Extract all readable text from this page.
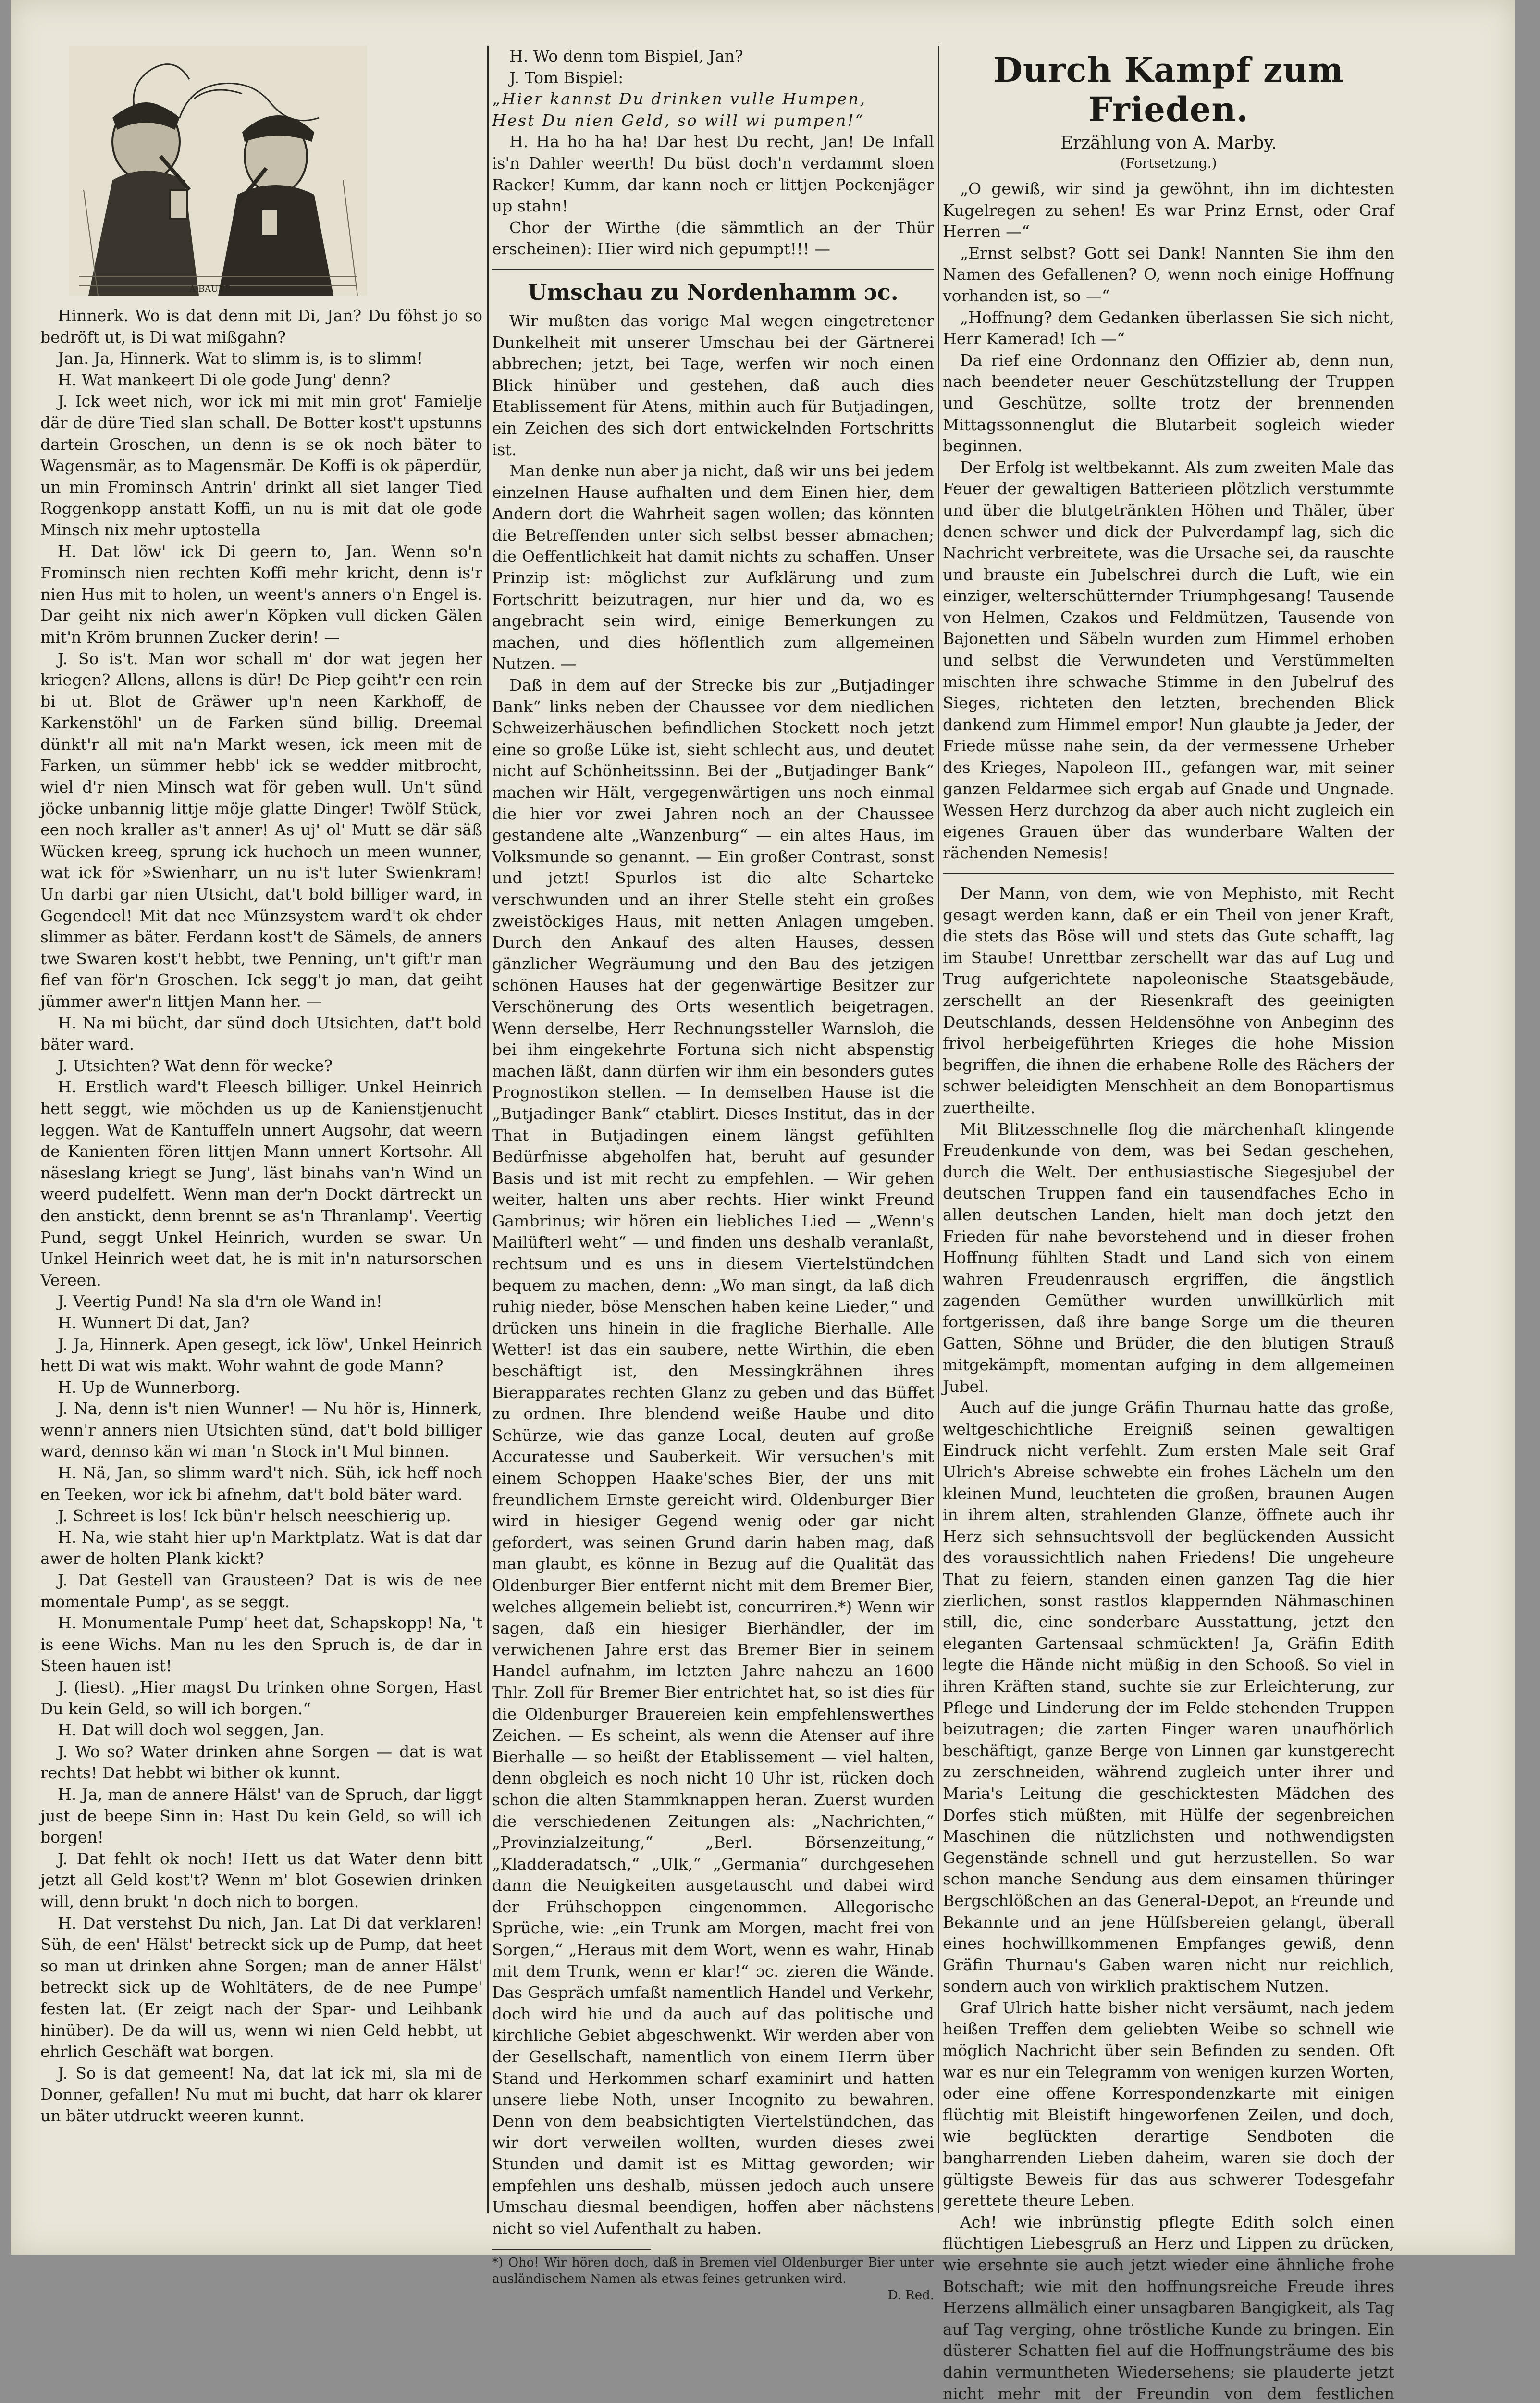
A.BAUER

Hinnerk. Wo is dat denn mit Di, Jan? Du föhst jo so bedröft ut, is Di wat mißgahn?

Jan. Ja, Hinnerk. Wat to slimm is, is to slimm!

H. Wat mankeert Di ole gode Jung' denn?

J. Ick weet nich, wor ick mi mit min grot' Famielje där de düre Tied slan schall. De Botter kost't upstunns dartein Groschen, un denn is se ok noch bäter to Wagensmär, as to Magensmär. De Koffi is ok päperdür, un min Frominsch Antrin' drinkt all siet langer Tied Roggenkopp anstatt Koffi, un nu is mit dat ole gode Minsch nix mehr uptostella

H. Dat löw' ick Di geern to, Jan. Wenn so'n Frominsch nien rechten Koffi mehr kricht, denn is'r nien Hus mit to holen, un weent's anners o'n Engel is. Dar geiht nix nich awer'n Köpken vull dicken Gälen mit'n Kröm brunnen Zucker derin! —

J. So is't. Man wor schall m' dor wat jegen her kriegen? Allens, allens is dür! De Piep geiht'r een rein bi ut. Blot de Gräwer up'n neen Karkhoff, de Karkenstöhl' un de Farken sünd billig. Dreemal dünkt'r all mit na'n Markt wesen, ick meen mit de Farken, un sümmer hebb' ick se wedder mitbrocht, wiel d'r nien Minsch wat för geben wull. Un't sünd jöcke unbannig littje möje glatte Dinger! Twölf Stück, een noch kraller as't anner! As uj' ol' Mutt se där säß Wücken kreeg, sprung ick huchoch un meen wunner, wat ick för »Swienharr, un nu is't luter Swienkram! Un darbi gar nien Utsicht, dat't bold billiger ward, in Gegendeel! Mit dat nee Münzsystem ward't ok ehder slimmer as bäter. Ferdann kost't de Sämels, de anners twe Swaren kost't hebbt, twe Penning, un't gift'r man fief van för'n Groschen. Ick segg't jo man, dat geiht jümmer awer'n littjen Mann her. —

H. Na mi bücht, dar sünd doch Utsichten, dat't bold bäter ward.

J. Utsichten? Wat denn för wecke?

H. Erstlich ward't Fleesch billiger. Unkel Heinrich hett seggt, wie möchden us up de Kanienstjenucht leggen. Wat de Kantuffeln unnert Augsohr, dat weern de Kanienten fören littjen Mann unnert Kortsohr. All näseslang kriegt se Jung', läst binahs van'n Wind un weerd pudelfett. Wenn man der'n Dockt därtreckt un den anstickt, denn brennt se as'n Thranlamp'. Veertig Pund, seggt Unkel Heinrich, wurden se swar. Un Unkel Heinrich weet dat, he is mit in'n natursorschen Vereen.

J. Veertig Pund! Na sla d'rn ole Wand in!

H. Wunnert Di dat, Jan?

J. Ja, Hinnerk. Apen gesegt, ick löw', Unkel Heinrich hett Di wat wis makt. Wohr wahnt de gode Mann?

H. Up de Wunnerborg.

J. Na, denn is't nien Wunner! — Nu hör is, Hinnerk, wenn'r anners nien Utsichten sünd, dat't bold billiger ward, dennso kän wi man 'n Stock in't Mul binnen.

H. Nä, Jan, so slimm ward't nich. Süh, ick heff noch en Teeken, wor ick bi afnehm, dat't bold bäter ward.

J. Schreet is los! Ick bün'r helsch neeschierig up.

H. Na, wie staht hier up'n Marktplatz. Wat is dat dar awer de holten Plank kickt?

J. Dat Gestell van Grausteen? Dat is wis de nee momentale Pump', as se seggt.

H. Monumentale Pump' heet dat, Schapskopp! Na, 't is eene Wichs. Man nu les den Spruch is, de dar in Steen hauen ist!

J. (liest). „Hier magst Du trinken ohne Sorgen, Hast Du kein Geld, so will ich borgen.“

H. Dat will doch wol seggen, Jan.

J. Wo so? Water drinken ahne Sorgen — dat is wat rechts! Dat hebbt wi bither ok kunnt.

H. Ja, man de annere Hälst' van de Spruch, dar liggt just de beepe Sinn in: Hast Du kein Geld, so will ich borgen!

J. Dat fehlt ok noch! Hett us dat Water denn bitt jetzt all Geld kost't? Wenn m' blot Gosewien drinken will, denn brukt 'n doch nich to borgen.

H. Dat verstehst Du nich, Jan. Lat Di dat verklaren! Süh, de een' Hälst' betreckt sick up de Pump, dat heet so man ut drinken ahne Sorgen; man de anner Hälst' betreckt sick up de Wohltäters, de de nee Pumpe' festen lat. (Er zeigt nach der Spar- und Leihbank hinüber). De da will us, wenn wi nien Geld hebbt, ut ehrlich Geschäft wat borgen.

J. So is dat gemeent! Na, dat lat ick mi, sla mi de Donner, gefallen! Nu mut mi bucht, dat harr ok klarer un bäter utdruckt weeren kunnt.

H. Wo denn tom Bispiel, Jan?

J. Tom Bispiel:

„Hier kannst Du drinken vulle Humpen,

Hest Du nien Geld, so will wi pumpen!“

H. Ha ho ha ha! Dar hest Du recht, Jan! De Infall is'n Dahler weerth! Du büst doch'n verdammt sloen Racker! Kumm, dar kann noch er littjen Pockenjäger up stahn!

Chor der Wirthe (die sämmtlich an der Thür erscheinen): Hier wird nich gepumpt!!! —

Umschau zu Nordenhamm ɔc.

Wir mußten das vorige Mal wegen eingetretener Dunkelheit mit unserer Umschau bei der Gärtnerei abbrechen; jetzt, bei Tage, werfen wir noch einen Blick hinüber und gestehen, daß auch dies Etablissement für Atens, mithin auch für Butjadingen, ein Zeichen des sich dort entwickelnden Fortschritts ist.

Man denke nun aber ja nicht, daß wir uns bei jedem einzelnen Hause aufhalten und dem Einen hier, dem Andern dort die Wahrheit sagen wollen; das könnten die Betreffenden unter sich selbst besser abmachen; die Oeffentlichkeit hat damit nichts zu schaffen. Unser Prinzip ist: möglichst zur Aufklärung und zum Fortschritt beizutragen, nur hier und da, wo es angebracht sein wird, einige Bemerkungen zu machen, und dies höflentlich zum allgemeinen Nutzen. —

Daß in dem auf der Strecke bis zur „Butjadinger Bank“ links neben der Chaussee vor dem niedlichen Schweizerhäuschen befindlichen Stockett noch jetzt eine so große Lüke ist, sieht schlecht aus, und deutet nicht auf Schönheitssinn. Bei der „Butjadinger Bank“ machen wir Hält, vergegenwärtigen uns noch einmal die hier vor zwei Jahren noch an der Chaussee gestandene alte „Wanzenburg“ — ein altes Haus, im Volksmunde so genannt. — Ein großer Contrast, sonst und jetzt! Spurlos ist die alte Scharteke verschwunden und an ihrer Stelle steht ein großes zweistöckiges Haus, mit netten Anlagen umgeben. Durch den Ankauf des alten Hauses, dessen gänzlicher Wegräumung und den Bau des jetzigen schönen Hauses hat der gegenwärtige Besitzer zur Verschönerung des Orts wesentlich beigetragen. Wenn derselbe, Herr Rechnungssteller Warnsloh, die bei ihm eingekehrte Fortuna sich nicht abspenstig machen läßt, dann dürfen wir ihm ein besonders gutes Prognostikon stellen. — In demselben Hause ist die „Butjadinger Bank“ etablirt. Dieses Institut, das in der That in Butjadingen einem längst gefühlten Bedürfnisse abgeholfen hat, beruht auf gesunder Basis und ist mit recht zu empfehlen. — Wir gehen weiter, halten uns aber rechts. Hier winkt Freund Gambrinus; wir hören ein liebliches Lied — „Wenn's Mailüfterl weht“ — und finden uns deshalb veranlaßt, rechtsum und es uns in diesem Viertelstündchen bequem zu machen, denn: „Wo man singt, da laß dich ruhig nieder, böse Menschen haben keine Lieder,“ und drücken uns hinein in die fragliche Bierhalle. Alle Wetter! ist das ein saubere, nette Wirthin, die eben beschäftigt ist, den Messingkrähnen ihres Bierapparates rechten Glanz zu geben und das Büffet zu ordnen. Ihre blendend weiße Haube und dito Schürze, wie das ganze Local, deuten auf große Accuratesse und Sauberkeit. Wir versuchen's mit einem Schoppen Haake'sches Bier, der uns mit freundlichem Ernste gereicht wird. Oldenburger Bier wird in hiesiger Gegend wenig oder gar nicht gefordert, was seinen Grund darin haben mag, daß man glaubt, es könne in Bezug auf die Qualität das Oldenburger Bier entfernt nicht mit dem Bremer Bier, welches allgemein beliebt ist, concurriren.*) Wenn wir sagen, daß ein hiesiger Bierhändler, der im verwichenen Jahre erst das Bremer Bier in seinem Handel aufnahm, im letzten Jahre nahezu an 1600 Thlr. Zoll für Bremer Bier entrichtet hat, so ist dies für die Oldenburger Brauereien kein empfehlenswerthes Zeichen. — Es scheint, als wenn die Atenser auf ihre Bierhalle — so heißt der Etablissement — viel halten, denn obgleich es noch nicht 10 Uhr ist, rücken doch schon die alten Stammknappen heran. Zuerst wurden die verschiedenen Zeitungen als: „Nachrichten,“ „Provinzialzeitung,“ „Berl. Börsenzeitung,“ „Kladderadatsch,“ „Ulk,“ „Germania“ durchgesehen dann die Neuigkeiten ausgetauscht und dabei wird der Frühschoppen eingenommen. Allegorische Sprüche, wie: „ein Trunk am Morgen, macht frei von Sorgen,“ „Heraus mit dem Wort, wenn es wahr, Hinab mit dem Trunk, wenn er klar!“ ɔc. zieren die Wände. Das Gespräch umfaßt namentlich Handel und Verkehr, doch wird hie und da auch auf das politische und kirchliche Gebiet abgeschwenkt. Wir werden aber von der Gesellschaft, namentlich von einem Herrn über Stand und Herkommen scharf examinirt und hatten unsere liebe Noth, unser Incognito zu bewahren. Denn von dem beabsichtigten Viertelstündchen, das wir dort verweilen wollten, wurden dieses zwei Stunden und damit ist es Mittag geworden; wir empfehlen uns deshalb, müssen jedoch auch unsere Umschau diesmal beendigen, hoffen aber nächstens nicht so viel Aufenthalt zu haben.

*) Oho! Wir hören doch, daß in Bremen viel Oldenburger Bier unter ausländischem Namen als etwas feines getrunken wird.

D. Red.

Durch Kampf zum Frieden.

Erzählung von A. Marby.

(Fortsetzung.)

„O gewiß, wir sind ja gewöhnt, ihn im dichtesten Kugelregen zu sehen! Es war Prinz Ernst, oder Graf Herren —“

„Ernst selbst? Gott sei Dank! Nannten Sie ihm den Namen des Gefallenen? O, wenn noch einige Hoffnung vorhanden ist, so —“

„Hoffnung? dem Gedanken überlassen Sie sich nicht, Herr Kamerad! Ich —“

Da rief eine Ordonnanz den Offizier ab, denn nun, nach beendeter neuer Geschützstellung der Truppen und Geschütze, sollte trotz der brennenden Mittagssonnenglut die Blutarbeit sogleich wieder beginnen.

Der Erfolg ist weltbekannt. Als zum zweiten Male das Feuer der gewaltigen Batterieen plötzlich verstummte und über die blutgetränkten Höhen und Thäler, über denen schwer und dick der Pulverdampf lag, sich die Nachricht verbreitete, was die Ursache sei, da rauschte und brauste ein Jubelschrei durch die Luft, wie ein einziger, welterschütternder Triumphgesang! Tausende von Helmen, Czakos und Feldmützen, Tausende von Bajonetten und Säbeln wurden zum Himmel erhoben und selbst die Verwundeten und Verstümmelten mischten ihre schwache Stimme in den Jubelruf des Sieges, richteten den letzten, brechenden Blick dankend zum Himmel empor! Nun glaubte ja Jeder, der Friede müsse nahe sein, da der vermessene Urheber des Krieges, Napoleon III., gefangen war, mit seiner ganzen Feldarmee sich ergab auf Gnade und Ungnade. Wessen Herz durchzog da aber auch nicht zugleich ein eigenes Grauen über das wunderbare Walten der rächenden Nemesis!

Der Mann, von dem, wie von Mephisto, mit Recht gesagt werden kann, daß er ein Theil von jener Kraft, die stets das Böse will und stets das Gute schafft, lag im Staube! Unrettbar zerschellt war das auf Lug und Trug aufgerichtete napoleonische Staatsgebäude, zerschellt an der Riesenkraft des geeinigten Deutschlands, dessen Heldensöhne von Anbeginn des frivol herbeigeführten Krieges die hohe Mission begriffen, die ihnen die erhabene Rolle des Rächers der schwer beleidigten Menschheit an dem Bonopartismus zuertheilte.

Mit Blitzesschnelle flog die märchenhaft klingende Freudenkunde von dem, was bei Sedan geschehen, durch die Welt. Der enthusiastische Siegesjubel der deutschen Truppen fand ein tausendfaches Echo in allen deutschen Landen, hielt man doch jetzt den Frieden für nahe bevorstehend und in dieser frohen Hoffnung fühlten Stadt und Land sich von einem wahren Freudenrausch ergriffen, die ängstlich zagenden Gemüther wurden unwillkürlich mit fortgerissen, daß ihre bange Sorge um die theuren Gatten, Söhne und Brüder, die den blutigen Strauß mitgekämpft, momentan aufging in dem allgemeinen Jubel.

Auch auf die junge Gräfin Thurnau hatte das große, weltgeschichtliche Ereigniß seinen gewaltigen Eindruck nicht verfehlt. Zum ersten Male seit Graf Ulrich's Abreise schwebte ein frohes Lächeln um den kleinen Mund, leuchteten die großen, braunen Augen in ihrem alten, strahlenden Glanze, öffnete auch ihr Herz sich sehnsuchtsvoll der beglückenden Aussicht des voraussichtlich nahen Friedens! Die ungeheure That zu feiern, standen einen ganzen Tag die hier zierlichen, sonst rastlos klappernden Nähmaschinen still, die, eine sonderbare Ausstattung, jetzt den eleganten Gartensaal schmückten! Ja, Gräfin Edith legte die Hände nicht müßig in den Schooß. So viel in ihren Kräften stand, suchte sie zur Erleichterung, zur Pflege und Linderung der im Felde stehenden Truppen beizutragen; die zarten Finger waren unaufhörlich beschäftigt, ganze Berge von Linnen gar kunstgerecht zu zerschneiden, während zugleich unter ihrer und Maria's Leitung die geschicktesten Mädchen des Dorfes stich müßten, mit Hülfe der segenbreichen Maschinen die nützlichsten und nothwendigsten Gegenstände schnell und gut herzustellen. So war schon manche Sendung aus dem einsamen thüringer Bergschlößchen an das General-Depot, an Freunde und Bekannte und an jene Hülfsbereien gelangt, überall eines hochwillkommenen Empfanges gewiß, denn Gräfin Thurnau's Gaben waren nicht nur reichlich, sondern auch von wirklich praktischem Nutzen.

Graf Ulrich hatte bisher nicht versäumt, nach jedem heißen Treffen dem geliebten Weibe so schnell wie möglich Nachricht über sein Befinden zu senden. Oft war es nur ein Telegramm von wenigen kurzen Worten, oder eine offene Korrespondenzkarte mit einigen flüchtig mit Bleistift hingeworfenen Zeilen, und doch, wie beglückten derartige Sendboten die bangharrenden Lieben daheim, waren sie doch der gültigste Beweis für das aus schwerer Todesgefahr gerettete theure Leben.

Ach! wie inbrünstig pflegte Edith solch einen flüchtigen Liebesgruß an Herz und Lippen zu drücken, wie ersehnte sie auch jetzt wieder eine ähnliche frohe Botschaft; wie mit den hoffnungsreiche Freude ihres Herzens allmälich einer unsagbaren Bangigkeit, als Tag auf Tag verging, ohne tröstliche Kunde zu bringen. Ein düsterer Schatten fiel auf die Hoffnungsträume des bis dahin vermuntheten Wiedersehens; sie plauderte jetzt nicht mehr mit der Freundin von dem festlichen
